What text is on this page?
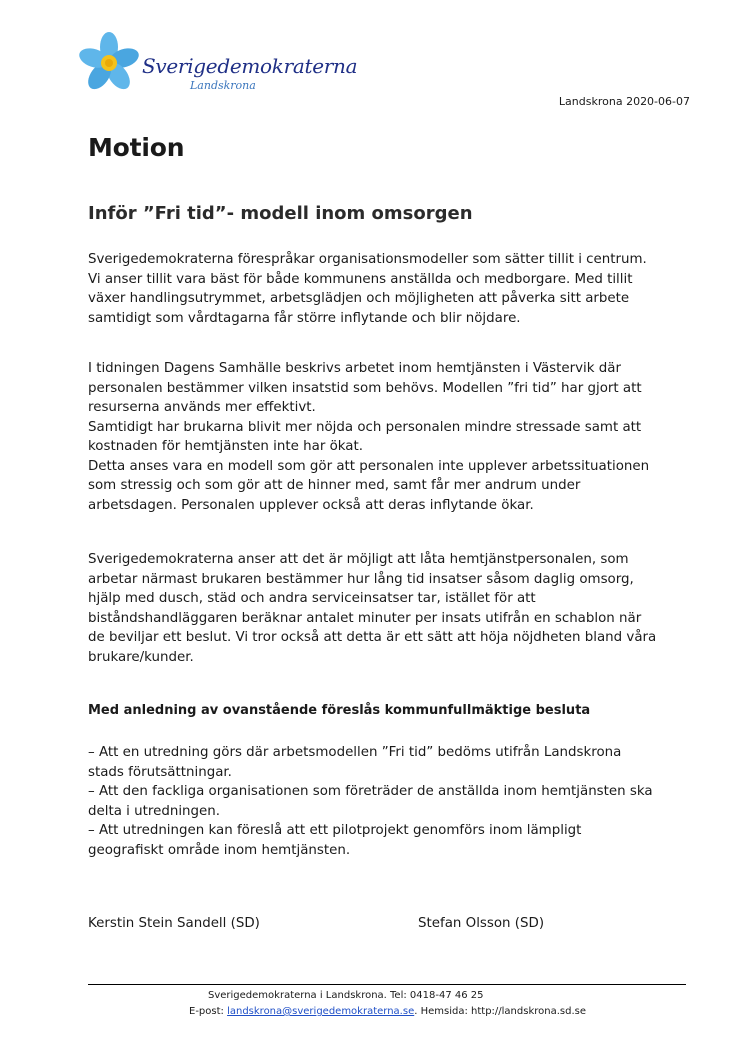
Sverigedemokraterna
Landskrona
Landskrona 2020-06-07
Motion
Inför ”Fri tid”- modell inom omsorgen
Sverigedemokraterna förespråkar organisationsmodeller som sätter tillit i centrum.
Vi anser tillit vara bäst för både kommunens anställda och medborgare. Med tillit
växer handlingsutrymmet, arbetsglädjen och möjligheten att påverka sitt arbete
samtidigt som vårdtagarna får större inflytande och blir nöjdare.
I tidningen Dagens Samhälle beskrivs arbetet inom hemtjänsten i Västervik där
personalen bestämmer vilken insatstid som behövs. Modellen ”fri tid” har gjort att
resurserna används mer effektivt.
Samtidigt har brukarna blivit mer nöjda och personalen mindre stressade samt att
kostnaden för hemtjänsten inte har ökat.
Detta anses vara en modell som gör att personalen inte upplever arbetssituationen
som stressig och som gör att de hinner med, samt får mer andrum under
arbetsdagen. Personalen upplever också att deras inflytande ökar.
Sverigedemokraterna anser att det är möjligt att låta hemtjänstpersonalen, som
arbetar närmast brukaren bestämmer hur lång tid insatser såsom daglig omsorg,
hjälp med dusch, städ och andra serviceinsatser tar, istället för att
biståndshandläggaren beräknar antalet minuter per insats utifrån en schablon när
de beviljar ett beslut. Vi tror också att detta är ett sätt att höja nöjdheten bland våra
brukare/kunder.
Med anledning av ovanstående föreslås kommunfullmäktige besluta
– Att en utredning görs där arbetsmodellen ”Fri tid” bedöms utifrån Landskrona
stads förutsättningar.
– Att den fackliga organisationen som företräder de anställda inom hemtjänsten ska
delta i utredningen.
– Att utredningen kan föreslå att ett pilotprojekt genomförs inom lämpligt
geografiskt område inom hemtjänsten.
Kerstin Stein Sandell (SD)	Stefan Olsson (SD)
Sverigedemokraterna i Landskrona. Tel: 0418-47 46 25
E-post: landskrona@sverigedemokraterna.se. Hemsida: http://landskrona.sd.se
